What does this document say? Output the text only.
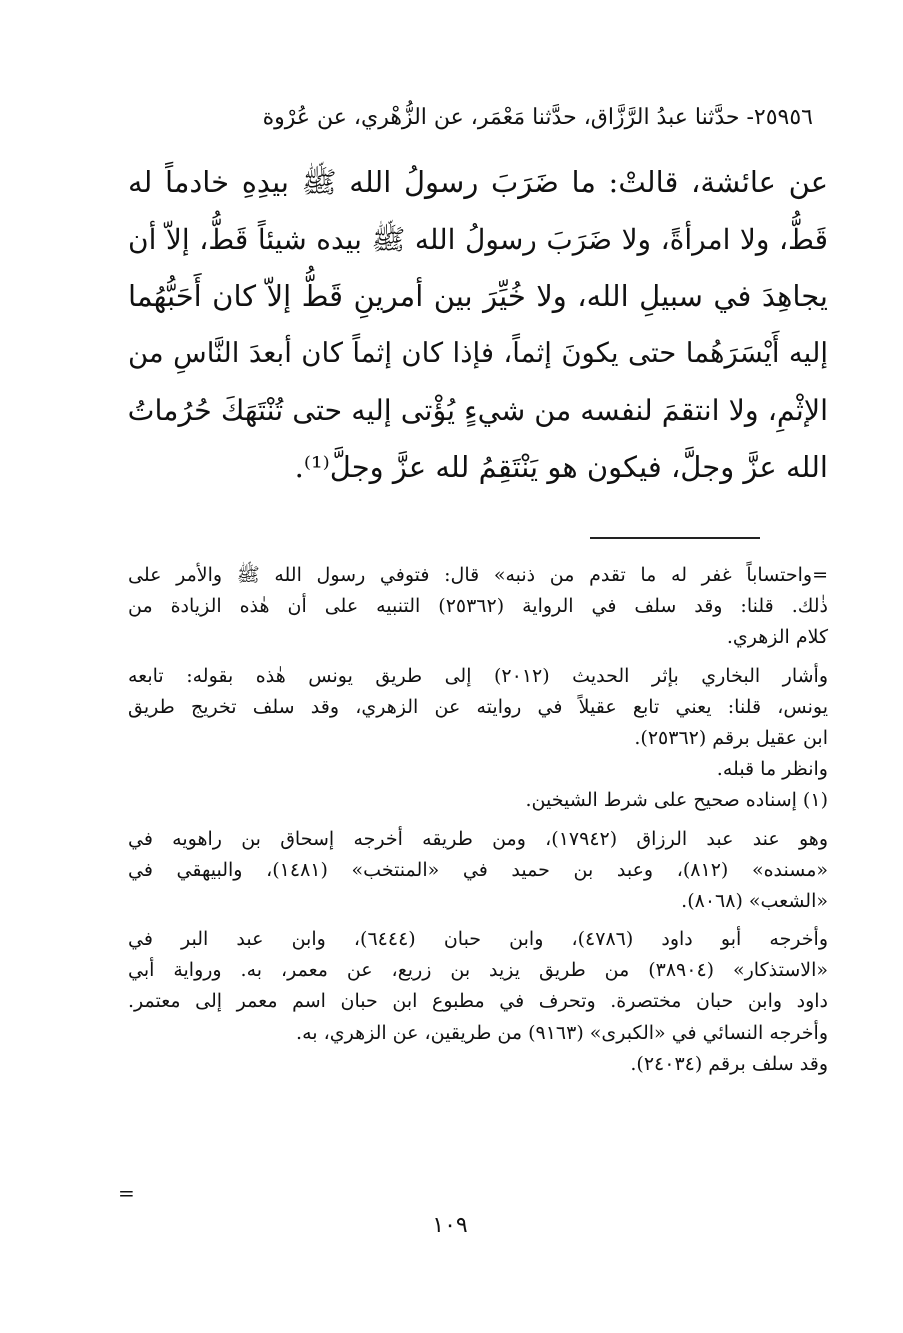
٢٥٩٥٦- حدَّثنا عبدُ الرَّزَّاق، حدَّثنا مَعْمَر، عن الزُّهْري، عن عُرْوة
عن عائشة، قالتْ: ما ضَرَبَ رسولُ الله ﷺ بيدِهِ خادماً له
قَطُّ، ولا امرأةً، ولا ضَرَبَ رسولُ الله ﷺ بيده شيئاً قَطُّ، إلاّ أن
يجاهِدَ في سبيلِ الله، ولا خُيِّرَ بين أمرينِ قَطُّ إلاّ كان أَحَبُّهُما
إليه أَيْسَرَهُما حتى يكونَ إثماً، فإذا كان إثماً كان أبعدَ النَّاسِ من
الإثْمِ، ولا انتقمَ لنفسه من شيءٍ يُؤْتى إليه حتى تُنْتَهَكَ حُرُماتُ
الله عزَّ وجلَّ، فيكون هو يَنْتَقِمُ لله عزَّ وجلَّ⁽¹⁾.
=واحتساباً غفر له ما تقدم من ذنبه» قال: فتوفي رسول الله ﷺ والأمر على
ذٰلك. قلنا: وقد سلف في الرواية (٢٥٣٦٢) التنبيه على أن هٰذه الزيادة من
كلام الزهري.
وأشار البخاري بإثر الحديث (٢٠١٢) إلى طريق يونس هٰذه بقوله: تابعه
يونس، قلنا: يعني تابع عقيلاً في روايته عن الزهري، وقد سلف تخريج طريق
ابن عقيل برقم (٢٥٣٦٢).
وانظر ما قبله.
(١) إسناده صحيح على شرط الشيخين.
وهو عند عبد الرزاق (١٧٩٤٢)، ومن طريقه أخرجه إسحاق بن راهويه في
«مسنده» (٨١٢)، وعبد بن حميد في «المنتخب» (١٤٨١)، والبيهقي في
«الشعب» (٨٠٦٨).
وأخرجه أبو داود (٤٧٨٦)، وابن حبان (٦٤٤٤)، وابن عبد البر في
«الاستذكار» (٣٨٩٠٤) من طريق يزيد بن زريع، عن معمر، به. ورواية أبي
داود وابن حبان مختصرة. وتحرف في مطبوع ابن حبان اسم معمر إلى معتمر.
وأخرجه النسائي في «الكبرى» (٩١٦٣) من طريقين، عن الزهري، به.
وقد سلف برقم (٢٤٠٣٤).
=
١٠٩
